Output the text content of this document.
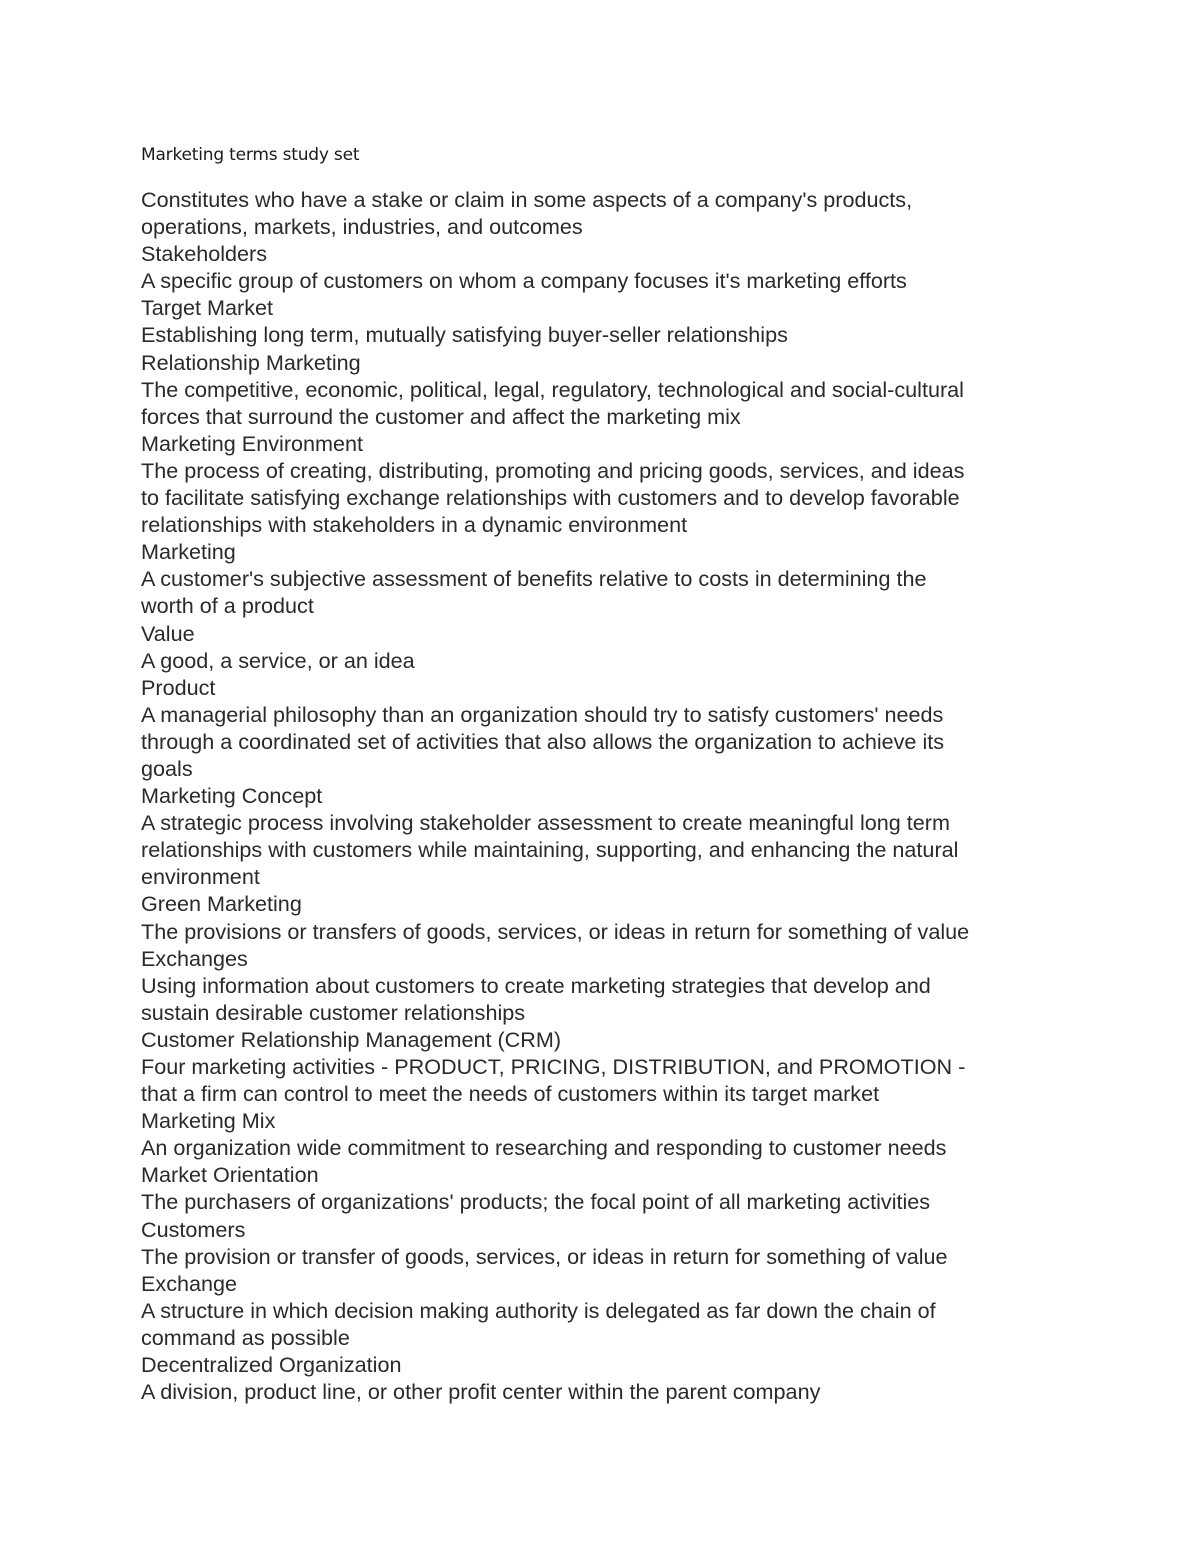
Marketing terms study set
Constitutes who have a stake or claim in some aspects of a company's products,
operations, markets, industries, and outcomes
Stakeholders
A specific group of customers on whom a company focuses it's marketing efforts
Target Market
Establishing long term, mutually satisfying buyer-seller relationships
Relationship Marketing
The competitive, economic, political, legal, regulatory, technological and social-cultural
forces that surround the customer and affect the marketing mix
Marketing Environment
The process of creating, distributing, promoting and pricing goods, services, and ideas
to facilitate satisfying exchange relationships with customers and to develop favorable
relationships with stakeholders in a dynamic environment
Marketing
A customer's subjective assessment of benefits relative to costs in determining the
worth of a product
Value
A good, a service, or an idea
Product
A managerial philosophy than an organization should try to satisfy customers' needs
through a coordinated set of activities that also allows the organization to achieve its
goals
Marketing Concept
A strategic process involving stakeholder assessment to create meaningful long term
relationships with customers while maintaining, supporting, and enhancing the natural
environment
Green Marketing
The provisions or transfers of goods, services, or ideas in return for something of value
Exchanges
Using information about customers to create marketing strategies that develop and
sustain desirable customer relationships
Customer Relationship Management (CRM)
Four marketing activities - PRODUCT, PRICING, DISTRIBUTION, and PROMOTION -
that a firm can control to meet the needs of customers within its target market
Marketing Mix
An organization wide commitment to researching and responding to customer needs
Market Orientation
The purchasers of organizations' products; the focal point of all marketing activities
Customers
The provision or transfer of goods, services, or ideas in return for something of value
Exchange
A structure in which decision making authority is delegated as far down the chain of
command as possible
Decentralized Organization
A division, product line, or other profit center within the parent company
